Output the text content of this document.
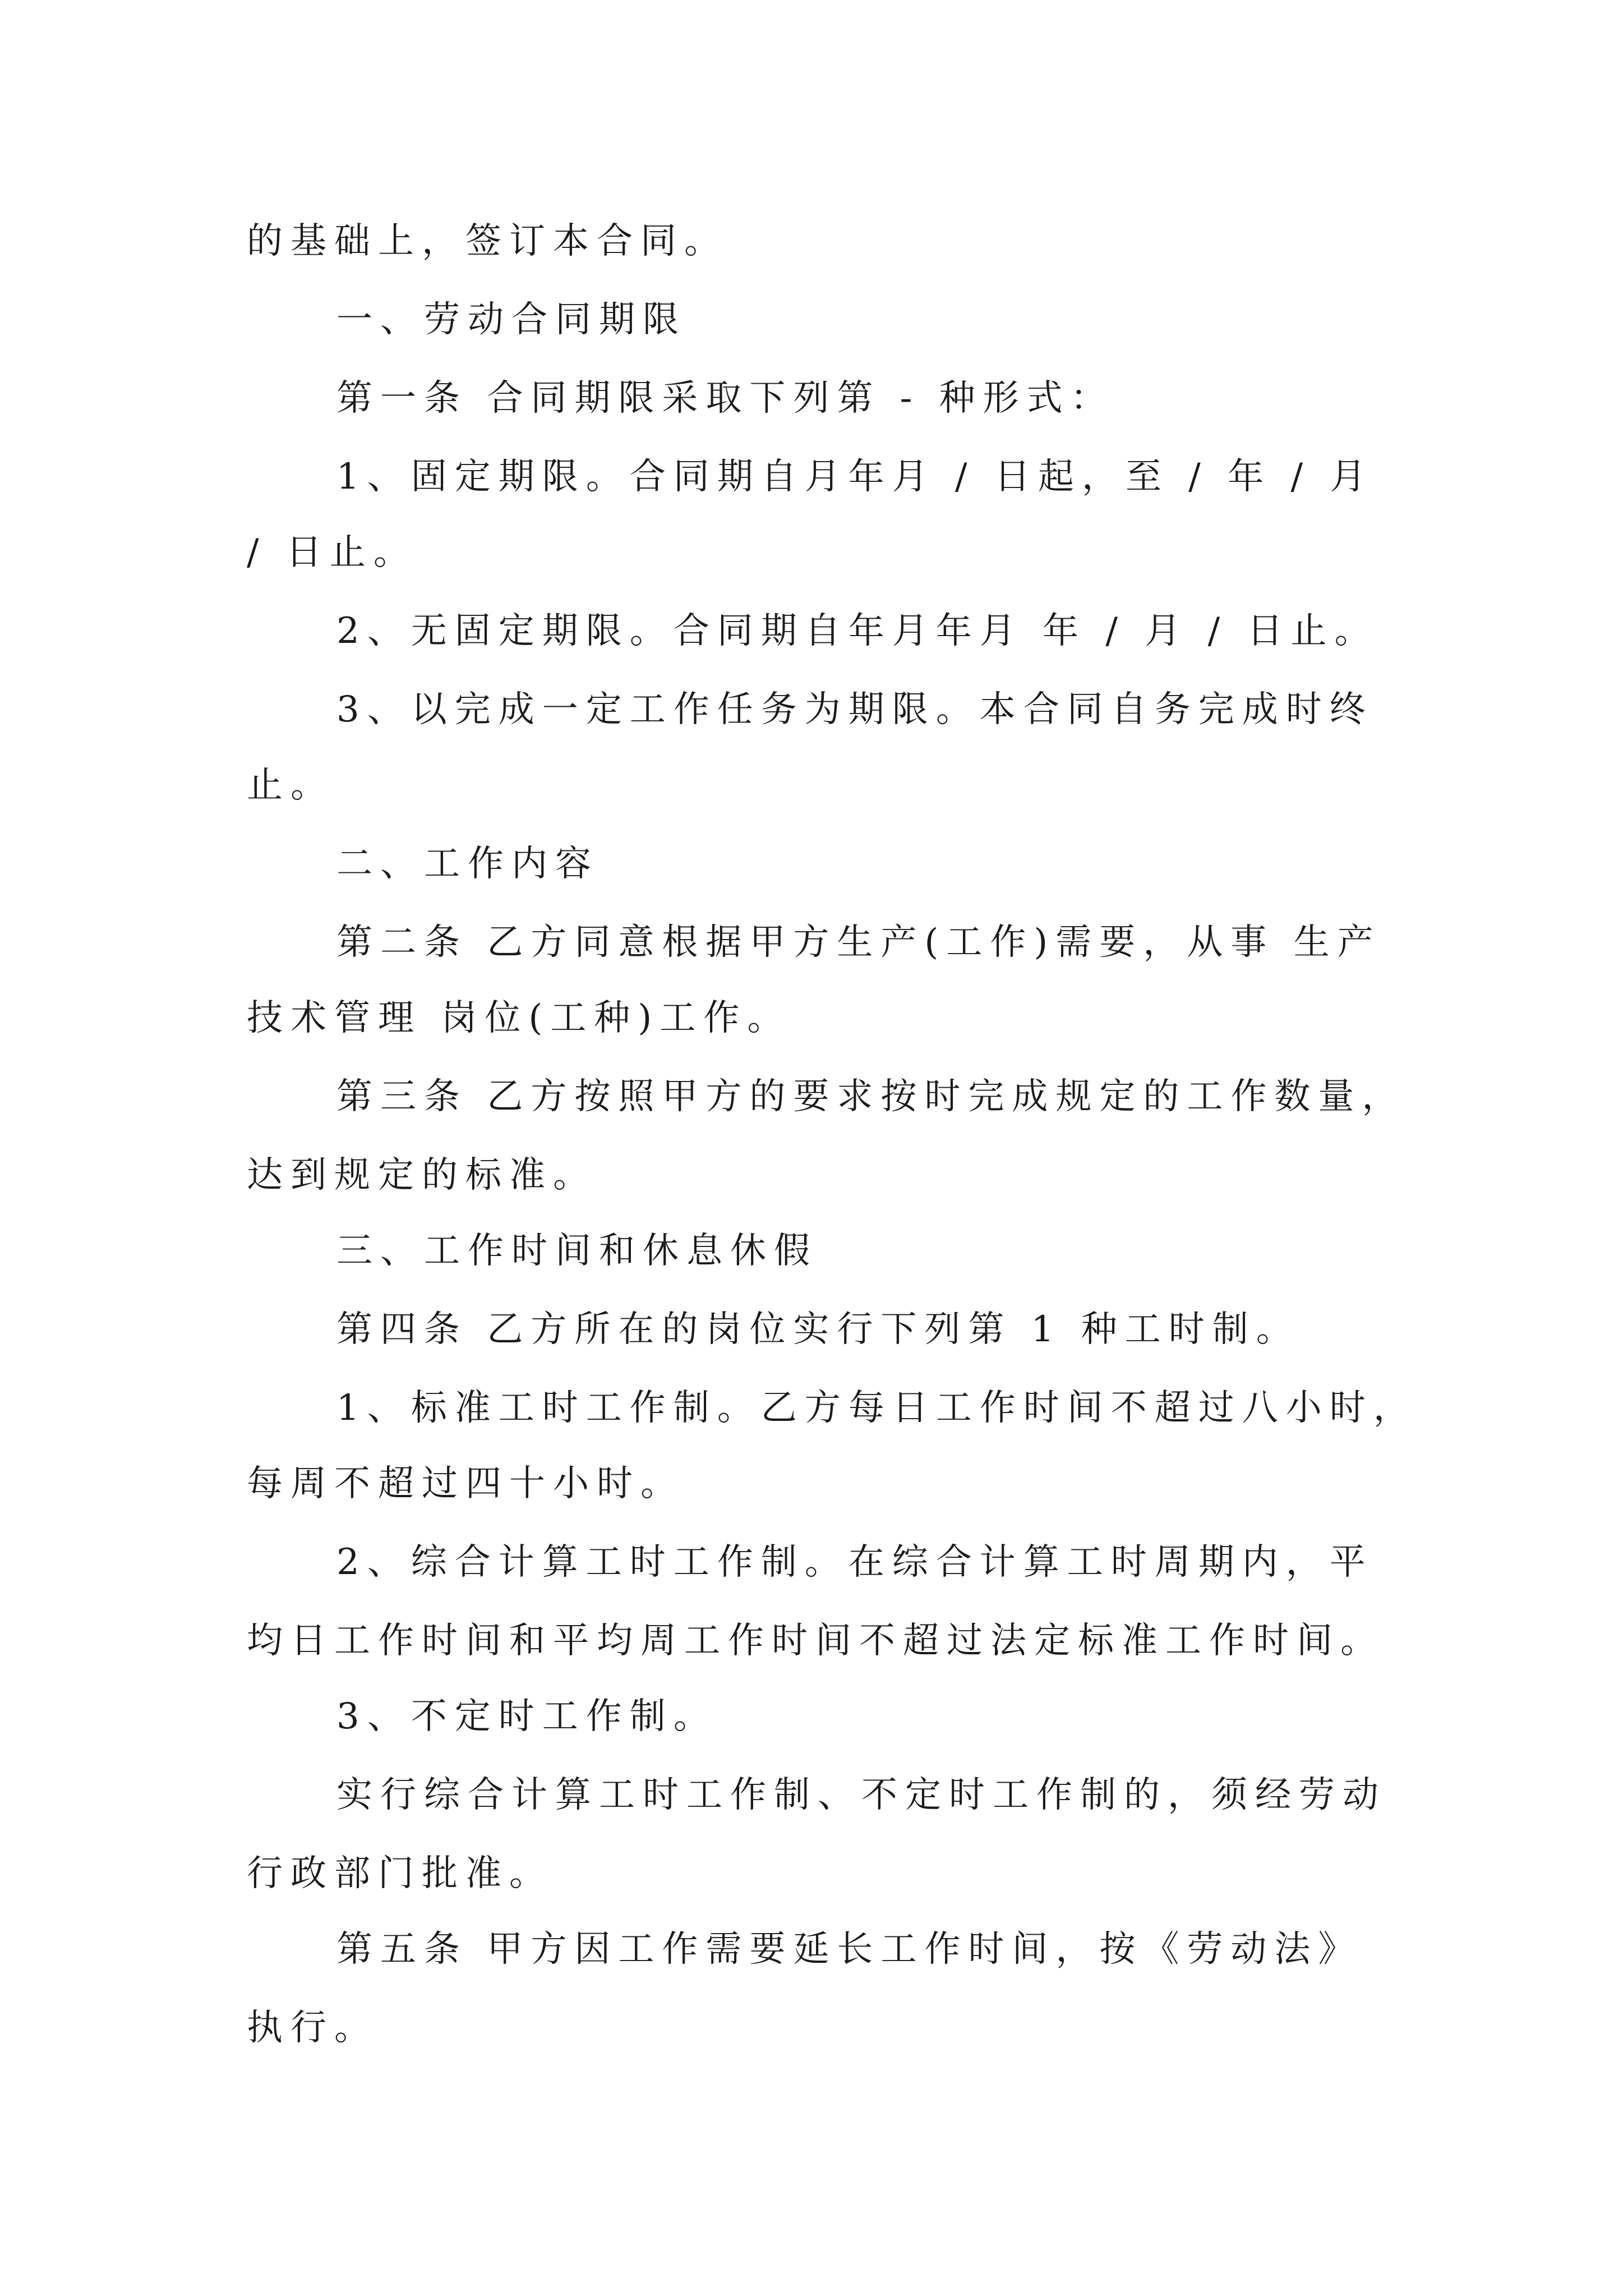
的基础上，签订本合同。
一、劳动合同期限
第一条 合同期限采取下列第 - 种形式：
1、固定期限。合同期自月年月 / 日起，至 / 年 / 月
/ 日止。
2、无固定期限。合同期自年月年月 年 / 月 / 日止。
3、以完成一定工作任务为期限。本合同自务完成时终
止。
二、工作内容
第二条 乙方同意根据甲方生产(工作)需要，从事 生产
技术管理 岗位(工种)工作。
第三条 乙方按照甲方的要求按时完成规定的工作数量，
达到规定的标准。
三、工作时间和休息休假
第四条 乙方所在的岗位实行下列第 1 种工时制。
1、标准工时工作制。乙方每日工作时间不超过八小时，
每周不超过四十小时。
2、综合计算工时工作制。在综合计算工时周期内，平
均日工作时间和平均周工作时间不超过法定标准工作时间。
3、不定时工作制。
实行综合计算工时工作制、不定时工作制的，须经劳动
行政部门批准。
第五条 甲方因工作需要延长工作时间，按《劳动法》
执行。
